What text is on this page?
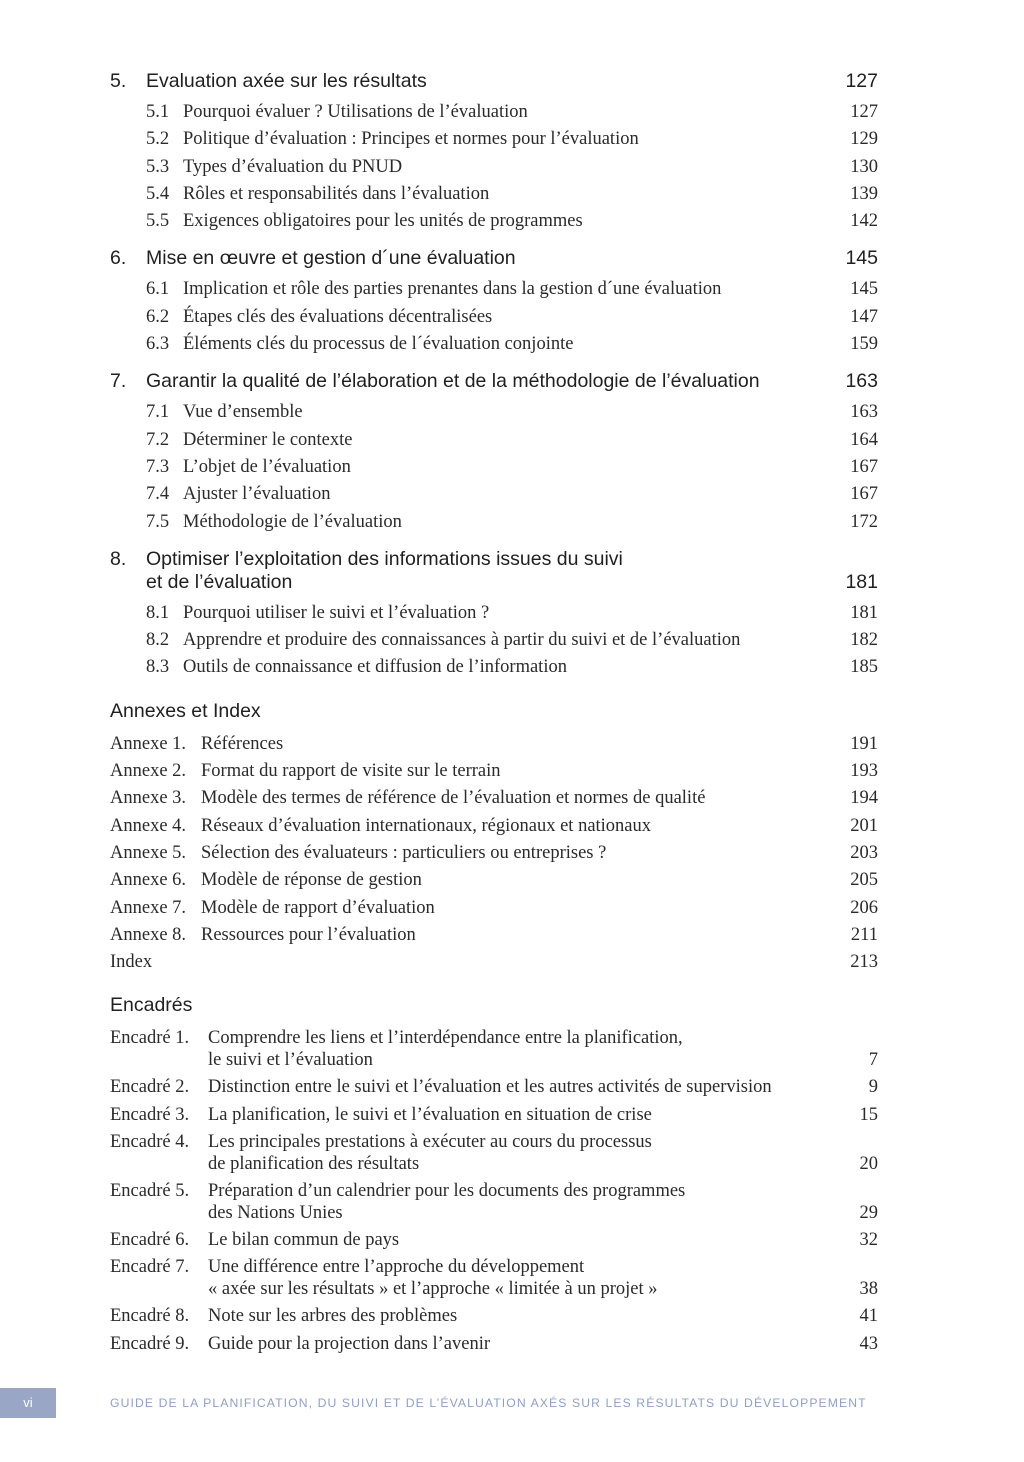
5.	Evaluation axée sur les résultats	127
5.1 Pourquoi évaluer ? Utilisations de l’évaluation	127
5.2 Politique d’évaluation : Principes et normes pour l’évaluation	129
5.3 Types d’évaluation du PNUD	130
5.4 Rôles et responsabilités dans l’évaluation	139
5.5 Exigences obligatoires pour les unités de programmes	142
6.	Mise en œuvre et gestion d´une évaluation	145
6.1 Implication et rôle des parties prenantes dans la gestion d´une évaluation	145
6.2 Étapes clés des évaluations décentralisées	147
6.3 Éléments clés du processus de l´évaluation conjointe	159
7.	Garantir la qualité de l’élaboration et de la méthodologie de l’évaluation	163
7.1 Vue d’ensemble	163
7.2 Déterminer le contexte	164
7.3 L’objet de l’évaluation	167
7.4 Ajuster l’évaluation	167
7.5 Méthodologie de l’évaluation	172
8.	Optimiser l’exploitation des informations issues du suivi
et de l’évaluation	181
8.1 Pourquoi utiliser le suivi et l’évaluation ?	181
8.2 Apprendre et produire des connaissances à partir du suivi et de l’évaluation	182
8.3 Outils de connaissance et diffusion de l’information	185
Annexes et Index
Annexe 1. Références	191
Annexe 2. Format du rapport de visite sur le terrain	193
Annexe 3. Modèle des termes de référence de l’évaluation et normes de qualité	194
Annexe 4. Réseaux d’évaluation internationaux, régionaux et nationaux	201
Annexe 5. Sélection des évaluateurs : particuliers ou entreprises ?	203
Annexe 6. Modèle de réponse de gestion	205
Annexe 7. Modèle de rapport d’évaluation	206
Annexe 8. Ressources pour l’évaluation	211
Index	213
Encadrés
Encadré 1.	Comprendre les liens et l’interdépendance entre la planification,
le suivi et l’évaluation	7
Encadré 2.	Distinction entre le suivi et l’évaluation et les autres activités de supervision	9
Encadré 3.	La planification, le suivi et l’évaluation en situation de crise	15
Encadré 4.	Les principales prestations à exécuter au cours du processus
de planification des résultats	20
Encadré 5.	Préparation d’un calendrier pour les documents des programmes
des Nations Unies	29
Encadré 6.	Le bilan commun de pays	32
Encadré 7.	Une différence entre l’approche du développement
« axée sur les résultats » et l’approche « limitée à un projet »	38
Encadré 8.	Note sur les arbres des problèmes	41
Encadré 9.	Guide pour la projection dans l’avenir	43
vi	GUIDE DE LA PLANIFICATION, DU SUIVI ET DE L’ÉVALUATION AXÉS SUR LES RÉSULTATS DU DÉVELOPPEMENT
